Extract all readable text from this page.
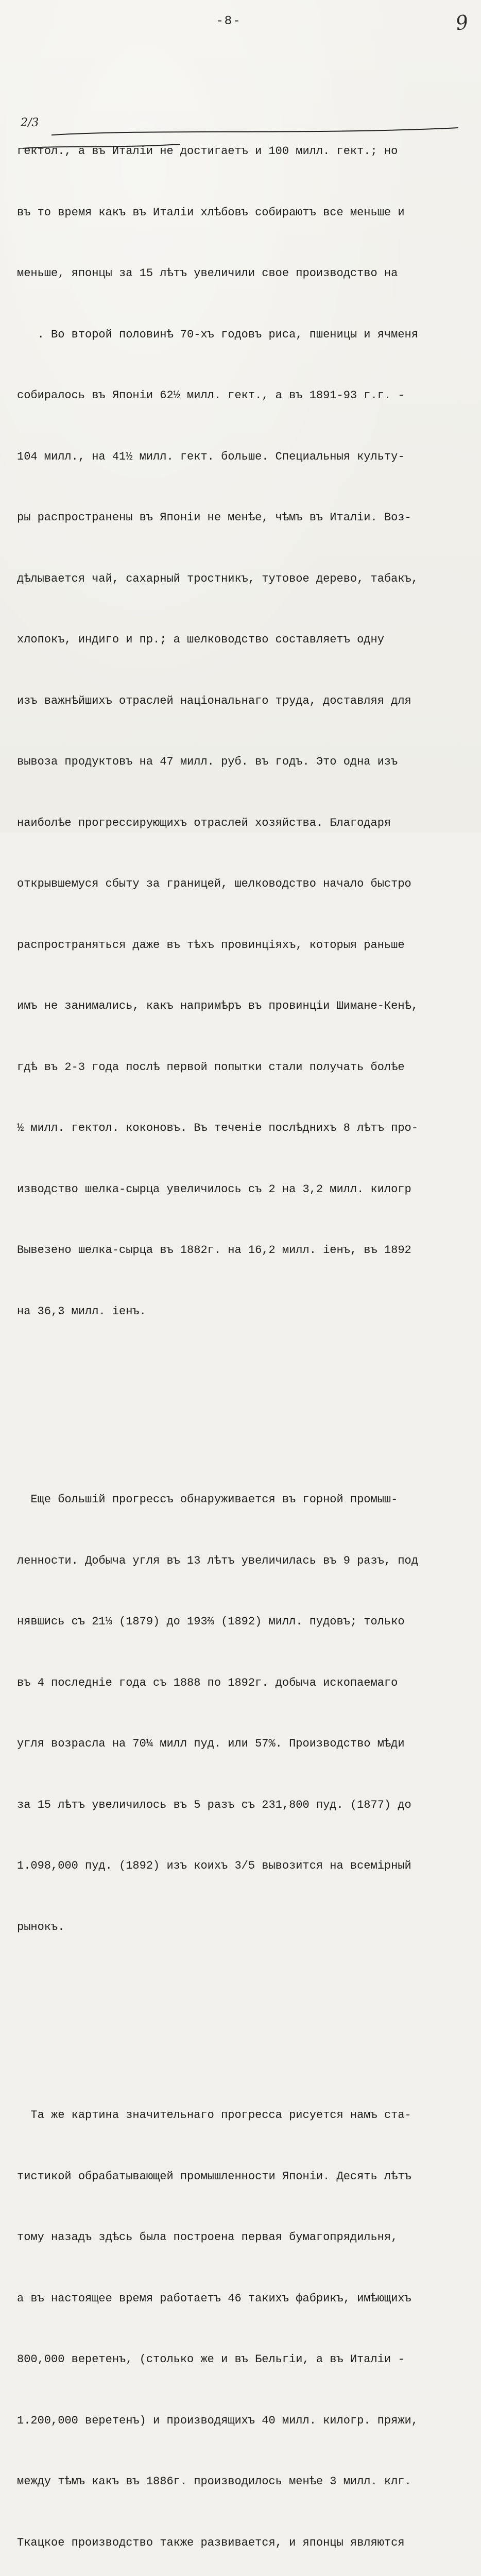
-8-	9
2/3

гектол., а въ Италіи не достигаетъ и 100 милл. гект.; но

въ то время какъ въ Италіи хлѣбовъ собираютъ все меньше и

меньше, японцы за 15 лѣтъ увеличили свое производство на

. Во второй половинѣ 70-хъ годовъ риса, пшеницы и ячменя

собиралось въ Японіи 62½ милл. гект., а въ 1891-93 г.г. -

104 милл., на 41½ милл. гект. больше. Специальныя культу-

ры распространены въ Японіи не менѣе, чѣмъ въ Италіи. Воз-

дѣлывается чай, сахарный тростникъ, тутовое дерево, табакъ,

хлопокъ, индиго и пр.; а шелководство составляетъ одну

изъ важнѣйшихъ отраслей національнаго труда, доставляя для

вывоза продуктовъ на 47 милл. руб. въ годъ. Это одна изъ

наиболѣе прогрессирующихъ отраслей хозяйства. Благодаря

открывшемуся сбыту за границей, шелководство начало быстро

распространяться даже въ тѣхъ провинціяхъ, которыя раньше

имъ не занимались, какъ напримѣръ въ провинціи Шимане-Кенѣ,

гдѣ въ 2-3 года послѣ первой попытки стали получать болѣе

½ милл. гектол. коконовъ. Въ теченіе послѣднихъ 8 лѣтъ про-

изводство шелка-сырца увеличилось съ 2 на 3,2 милл. килогр

Вывезено шелка-сырца въ 1882г. на 16,2 милл. іенъ, въ 1892

на 36,3 милл. іенъ.

Еще большій прогрессъ обнаруживается въ горной промыш-

ленности. Добыча угля въ 13 лѣтъ увеличилась въ 9 разъ, под

нявшись съ 21⅓ (1879) до 193⅔ (1892) милл. пудовъ; только

въ 4 последніе года съ 1888 по 1892г. добыча ископаемаго

угля возрасла на 70¼ милл пуд. или 57%. Производство мѣди

за 15 лѣтъ увеличилось въ 5 разъ съ 231,800 пуд. (1877) до

1.098,000 пуд. (1892) изъ коихъ 3/5 вывозится на всемірный

рынокъ.

Та же картина значительнаго прогресса рисуется намъ ста-

тистикой обрабатывающей промышленности Японіи. Десять лѣтъ

тому назадъ здѣсь была построена первая бумагопрядильня,

а въ настоящее время работаетъ 46 такихъ фабрикъ, имѣющихъ

800,000 веретенъ, (столько же и въ Бельгіи, а въ Италіи -

1.200,000 веретенъ) и производящихъ 40 милл. килогр. пряжи,

между тѣмъ какъ въ 1886г. производилось менѣе 3 милл. клг.

Ткацкое производство также развивается, и японцы являются
